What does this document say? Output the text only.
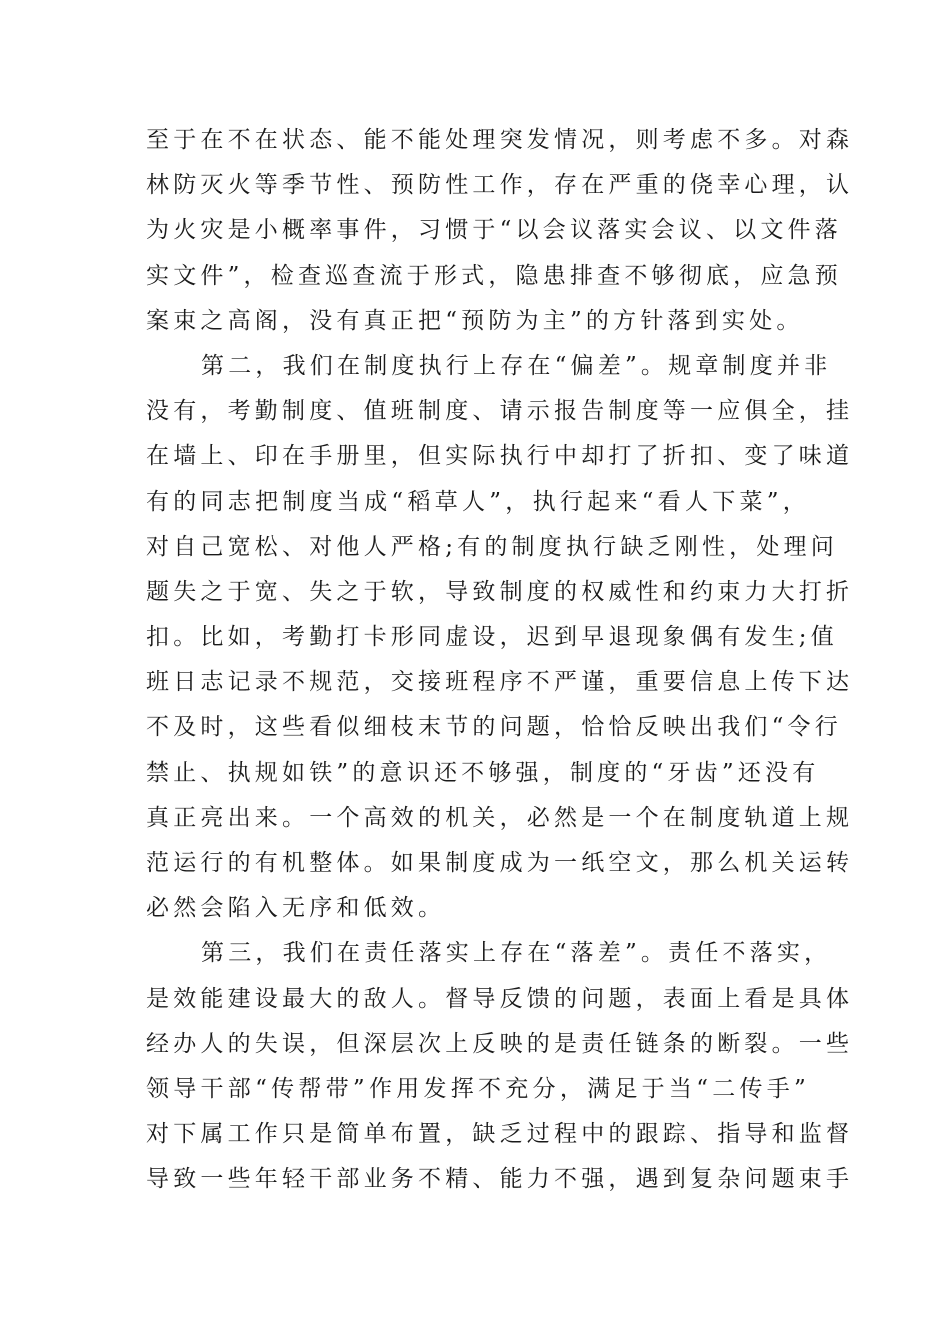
至于在不在状态、能不能处理突发情况，则考虑不多。对森
林防灭火等季节性、预防性工作，存在严重的侥幸心理，认
为火灾是小概率事件，习惯于“以会议落实会议、以文件落
实文件”，检查巡查流于形式，隐患排查不够彻底，应急预
案束之高阁，没有真正把“预防为主”的方针落到实处。
第二，我们在制度执行上存在“偏差”。规章制度并非
没有，考勤制度、值班制度、请示报告制度等一应俱全，挂
在墙上、印在手册里，但实际执行中却打了折扣、变了味道
有的同志把制度当成“稻草人”，执行起来“看人下菜”，
对自己宽松、对他人严格;有的制度执行缺乏刚性，处理问
题失之于宽、失之于软，导致制度的权威性和约束力大打折
扣。比如，考勤打卡形同虚设，迟到早退现象偶有发生;值
班日志记录不规范，交接班程序不严谨，重要信息上传下达
不及时，这些看似细枝末节的问题，恰恰反映出我们“令行
禁止、执规如铁”的意识还不够强，制度的“牙齿”还没有
真正亮出来。一个高效的机关，必然是一个在制度轨道上规
范运行的有机整体。如果制度成为一纸空文，那么机关运转
必然会陷入无序和低效。
第三，我们在责任落实上存在“落差”。责任不落实，
是效能建设最大的敌人。督导反馈的问题，表面上看是具体
经办人的失误，但深层次上反映的是责任链条的断裂。一些
领导干部“传帮带”作用发挥不充分，满足于当“二传手”
对下属工作只是简单布置，缺乏过程中的跟踪、指导和监督
导致一些年轻干部业务不精、能力不强，遇到复杂问题束手
